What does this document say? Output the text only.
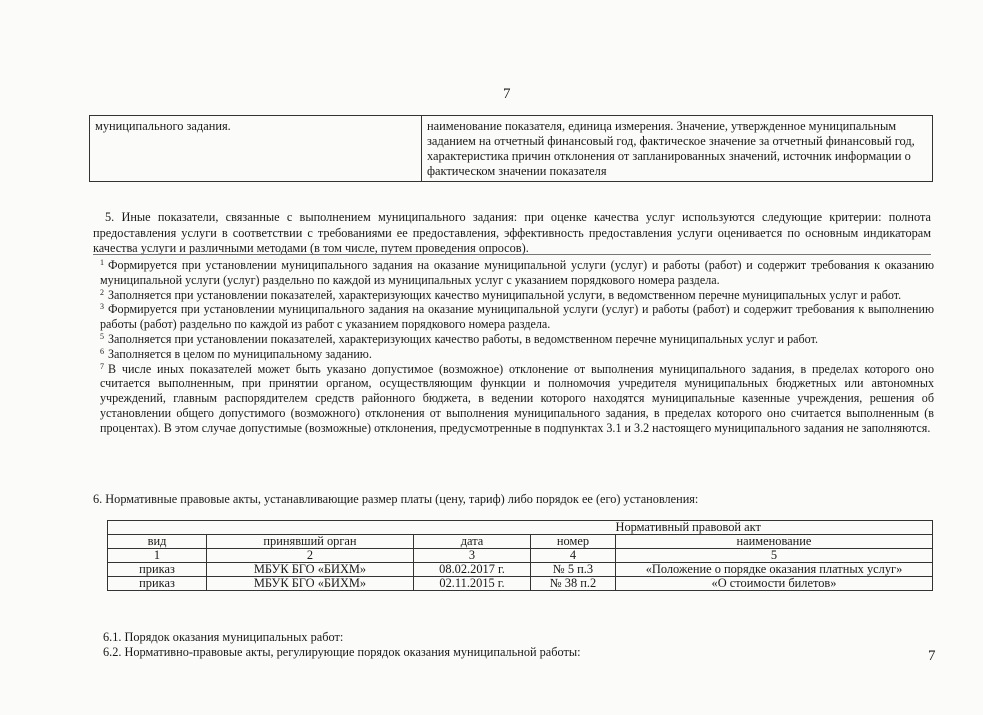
7
муниципального задания.	наименование показателя, единица измерения. Значение, утвержденное муниципальным заданием на отчетный финансовый год, фактическое значение за отчетный финансовый год, характеристика причин отклонения от запланированных значений, источник информации о фактическом значении показателя
5. Иные показатели, связанные с выполнением муниципального задания: при оценке качества услуг используются следующие критерии: полнота предоставления услуги в соответствии с требованиями ее предоставления, эффективность предоставления услуги оценивается по основным индикаторам качества услуги и различными методами (в том числе, путем проведения опросов).

$^1$ Формируется при установлении муниципального задания на оказание муниципальной услуги (услуг) и работы (работ) и содержит требования к оказанию муниципальной услуги (услуг) раздельно по каждой из муниципальных услуг с указанием порядкового номера раздела.

$^2$ Заполняется при установлении показателей, характеризующих качество муниципальной услуги, в ведомственном перечне муниципальных услуг и работ.

$^3$ Формируется при установлении муниципального задания на оказание муниципальной услуги (услуг) и работы (работ) и содержит требования к выполнению работы (работ) раздельно по каждой из работ с указанием порядкового номера раздела.

$^5$ Заполняется при установлении показателей, характеризующих качество работы, в ведомственном перечне муниципальных услуг и работ.

$^6$ Заполняется в целом по муниципальному заданию.

$^7$ В числе иных показателей может быть указано допустимое (возможное) отклонение от выполнения муниципального задания, в пределах которого оно считается выполненным, при принятии органом, осуществляющим функции и полномочия учредителя муниципальных бюджетных или автономных учреждений, главным распорядителем средств районного бюджета, в ведении которого находятся муниципальные казенные учреждения, решения об установлении общего допустимого (возможного) отклонения от выполнения муниципального задания, в пределах которого оно считается выполненным (в процентах). В этом случае допустимые (возможные) отклонения, предусмотренные в подпунктах 3.1 и 3.2 настоящего муниципального задания не заполняются.

6. Нормативные правовые акты, устанавливающие размер платы (цену, тариф) либо порядок ее (его) установления:
				Нормативный правовой акт
вид	принявший орган	дата	номер	наименование
1	2	3	4	5
приказ	МБУК БГО «БИХМ»	08.02.2017 г.	№ 5 п.3	«Положение о порядке оказания платных услуг»
приказ	МБУК БГО «БИХМ»	02.11.2015 г.	№ 38 п.2	«О стоимости билетов»
6.1. Порядок оказания муниципальных работ:
6.2. Нормативно-правовые акты, регулирующие порядок оказания муниципальной работы:	7
